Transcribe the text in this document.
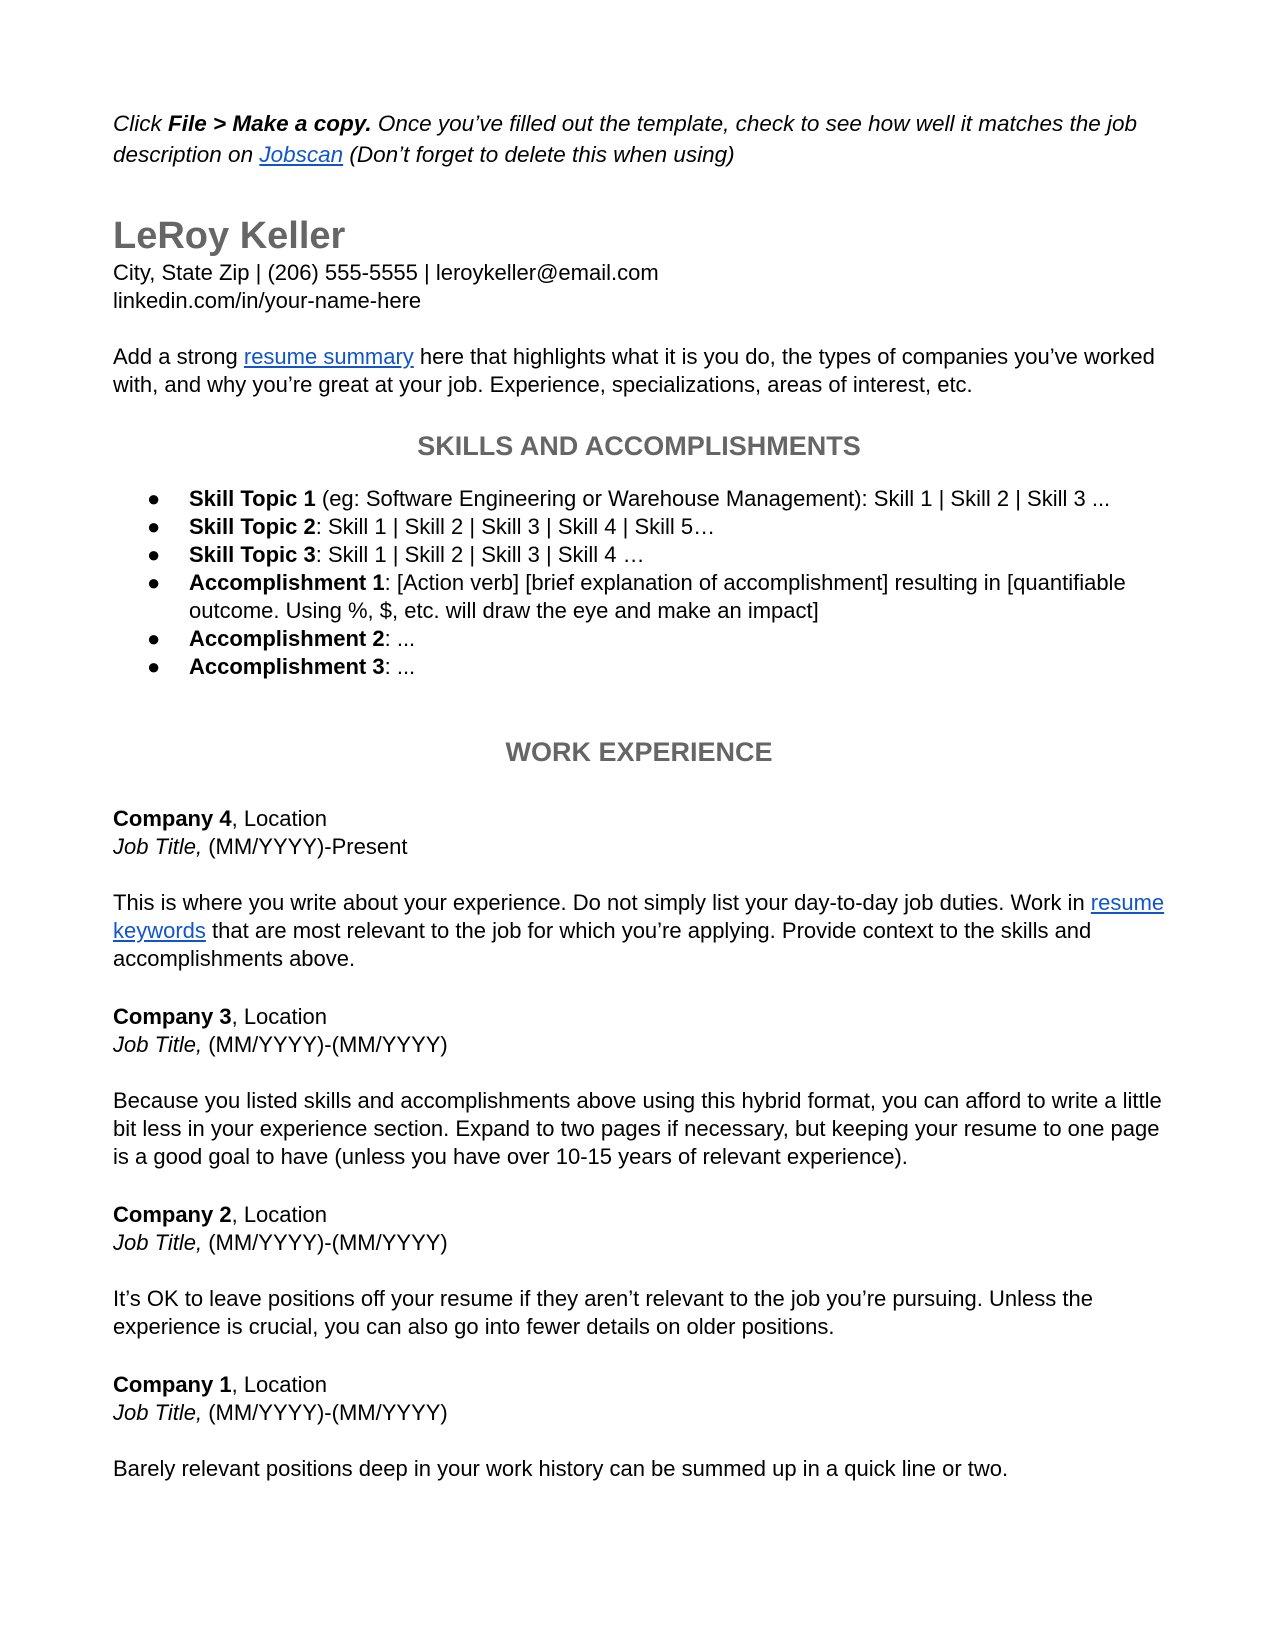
Click File > Make a copy. Once you’ve filled out the template, check to see how well it matches the job description on Jobscan (Don’t forget to delete this when using)

LeRoy Keller

City, State Zip | (206) 555-5555 | leroykeller@email.com

linkedin.com/in/your-name-here

Add a strong resume summary here that highlights what it is you do, the types of companies you’ve worked with, and why you’re great at your job. Experience, specializations, areas of interest, etc.

SKILLS AND ACCOMPLISHMENTS
● Skill Topic 1 (eg: Software Engineering or Warehouse Management): Skill 1 | Skill 2 | Skill 3 ...
● Skill Topic 2: Skill 1 | Skill 2 | Skill 3 | Skill 4 | Skill 5…
● Skill Topic 3: Skill 1 | Skill 2 | Skill 3 | Skill 4 …
● Accomplishment 1: [Action verb] [brief explanation of accomplishment] resulting in [quantifiable outcome. Using %, $, etc. will draw the eye and make an impact]
● Accomplishment 2: ...
● Accomplishment 3: ...
WORK EXPERIENCE

Company 4, Location

Job Title, (MM/YYYY)-Present

This is where you write about your experience. Do not simply list your day-to-day job duties. Work in resume keywords that are most relevant to the job for which you’re applying. Provide context to the skills and accomplishments above.

Company 3, Location

Job Title, (MM/YYYY)-(MM/YYYY)

Because you listed skills and accomplishments above using this hybrid format, you can afford to write a little bit less in your experience section. Expand to two pages if necessary, but keeping your resume to one page is a good goal to have (unless you have over 10-15 years of relevant experience).

Company 2, Location

Job Title, (MM/YYYY)-(MM/YYYY)

It’s OK to leave positions off your resume if they aren’t relevant to the job you’re pursuing. Unless the experience is crucial, you can also go into fewer details on older positions.

Company 1, Location

Job Title, (MM/YYYY)-(MM/YYYY)

Barely relevant positions deep in your work history can be summed up in a quick line or two.
